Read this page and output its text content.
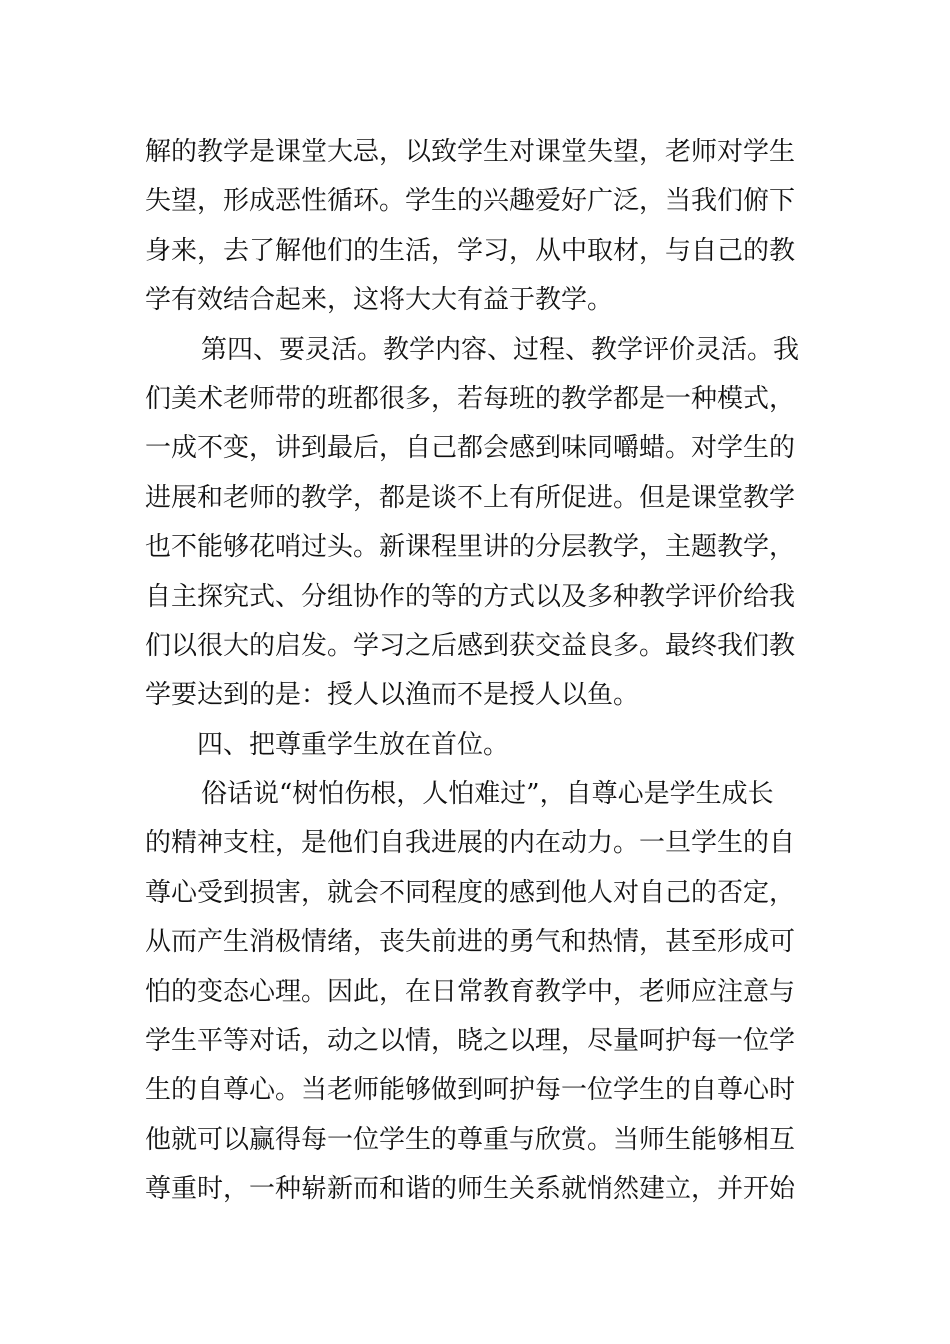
解的教学是课堂大忌，以致学生对课堂失望，老师对学生
失望，形成恶性循环。学生的兴趣爱好广泛，当我们俯下
身来，去了解他们的生活，学习，从中取材，与自己的教
学有效结合起来，这将大大有益于教学。
第四、要灵活。教学内容、过程、教学评价灵活。我
们美术老师带的班都很多，若每班的教学都是一种模式，
一成不变，讲到最后，自己都会感到味同嚼蜡。对学生的
进展和老师的教学，都是谈不上有所促进。但是课堂教学
也不能够花哨过头。新课程里讲的分层教学，主题教学，
自主探究式、分组协作的等的方式以及多种教学评价给我
们以很大的启发。学习之后感到获交益良多。最终我们教
学要达到的是：授人以渔而不是授人以鱼。
四、把尊重学生放在首位。
俗话说“树怕伤根，人怕难过”，自尊心是学生成长
的精神支柱，是他们自我进展的内在动力。一旦学生的自
尊心受到损害，就会不同程度的感到他人对自己的否定，
从而产生消极情绪，丧失前进的勇气和热情，甚至形成可
怕的变态心理。因此，在日常教育教学中，老师应注意与
学生平等对话，动之以情，晓之以理，尽量呵护每一位学
生的自尊心。当老师能够做到呵护每一位学生的自尊心时
他就可以赢得每一位学生的尊重与欣赏。当师生能够相互
尊重时，一种崭新而和谐的师生关系就悄然建立，并开始
